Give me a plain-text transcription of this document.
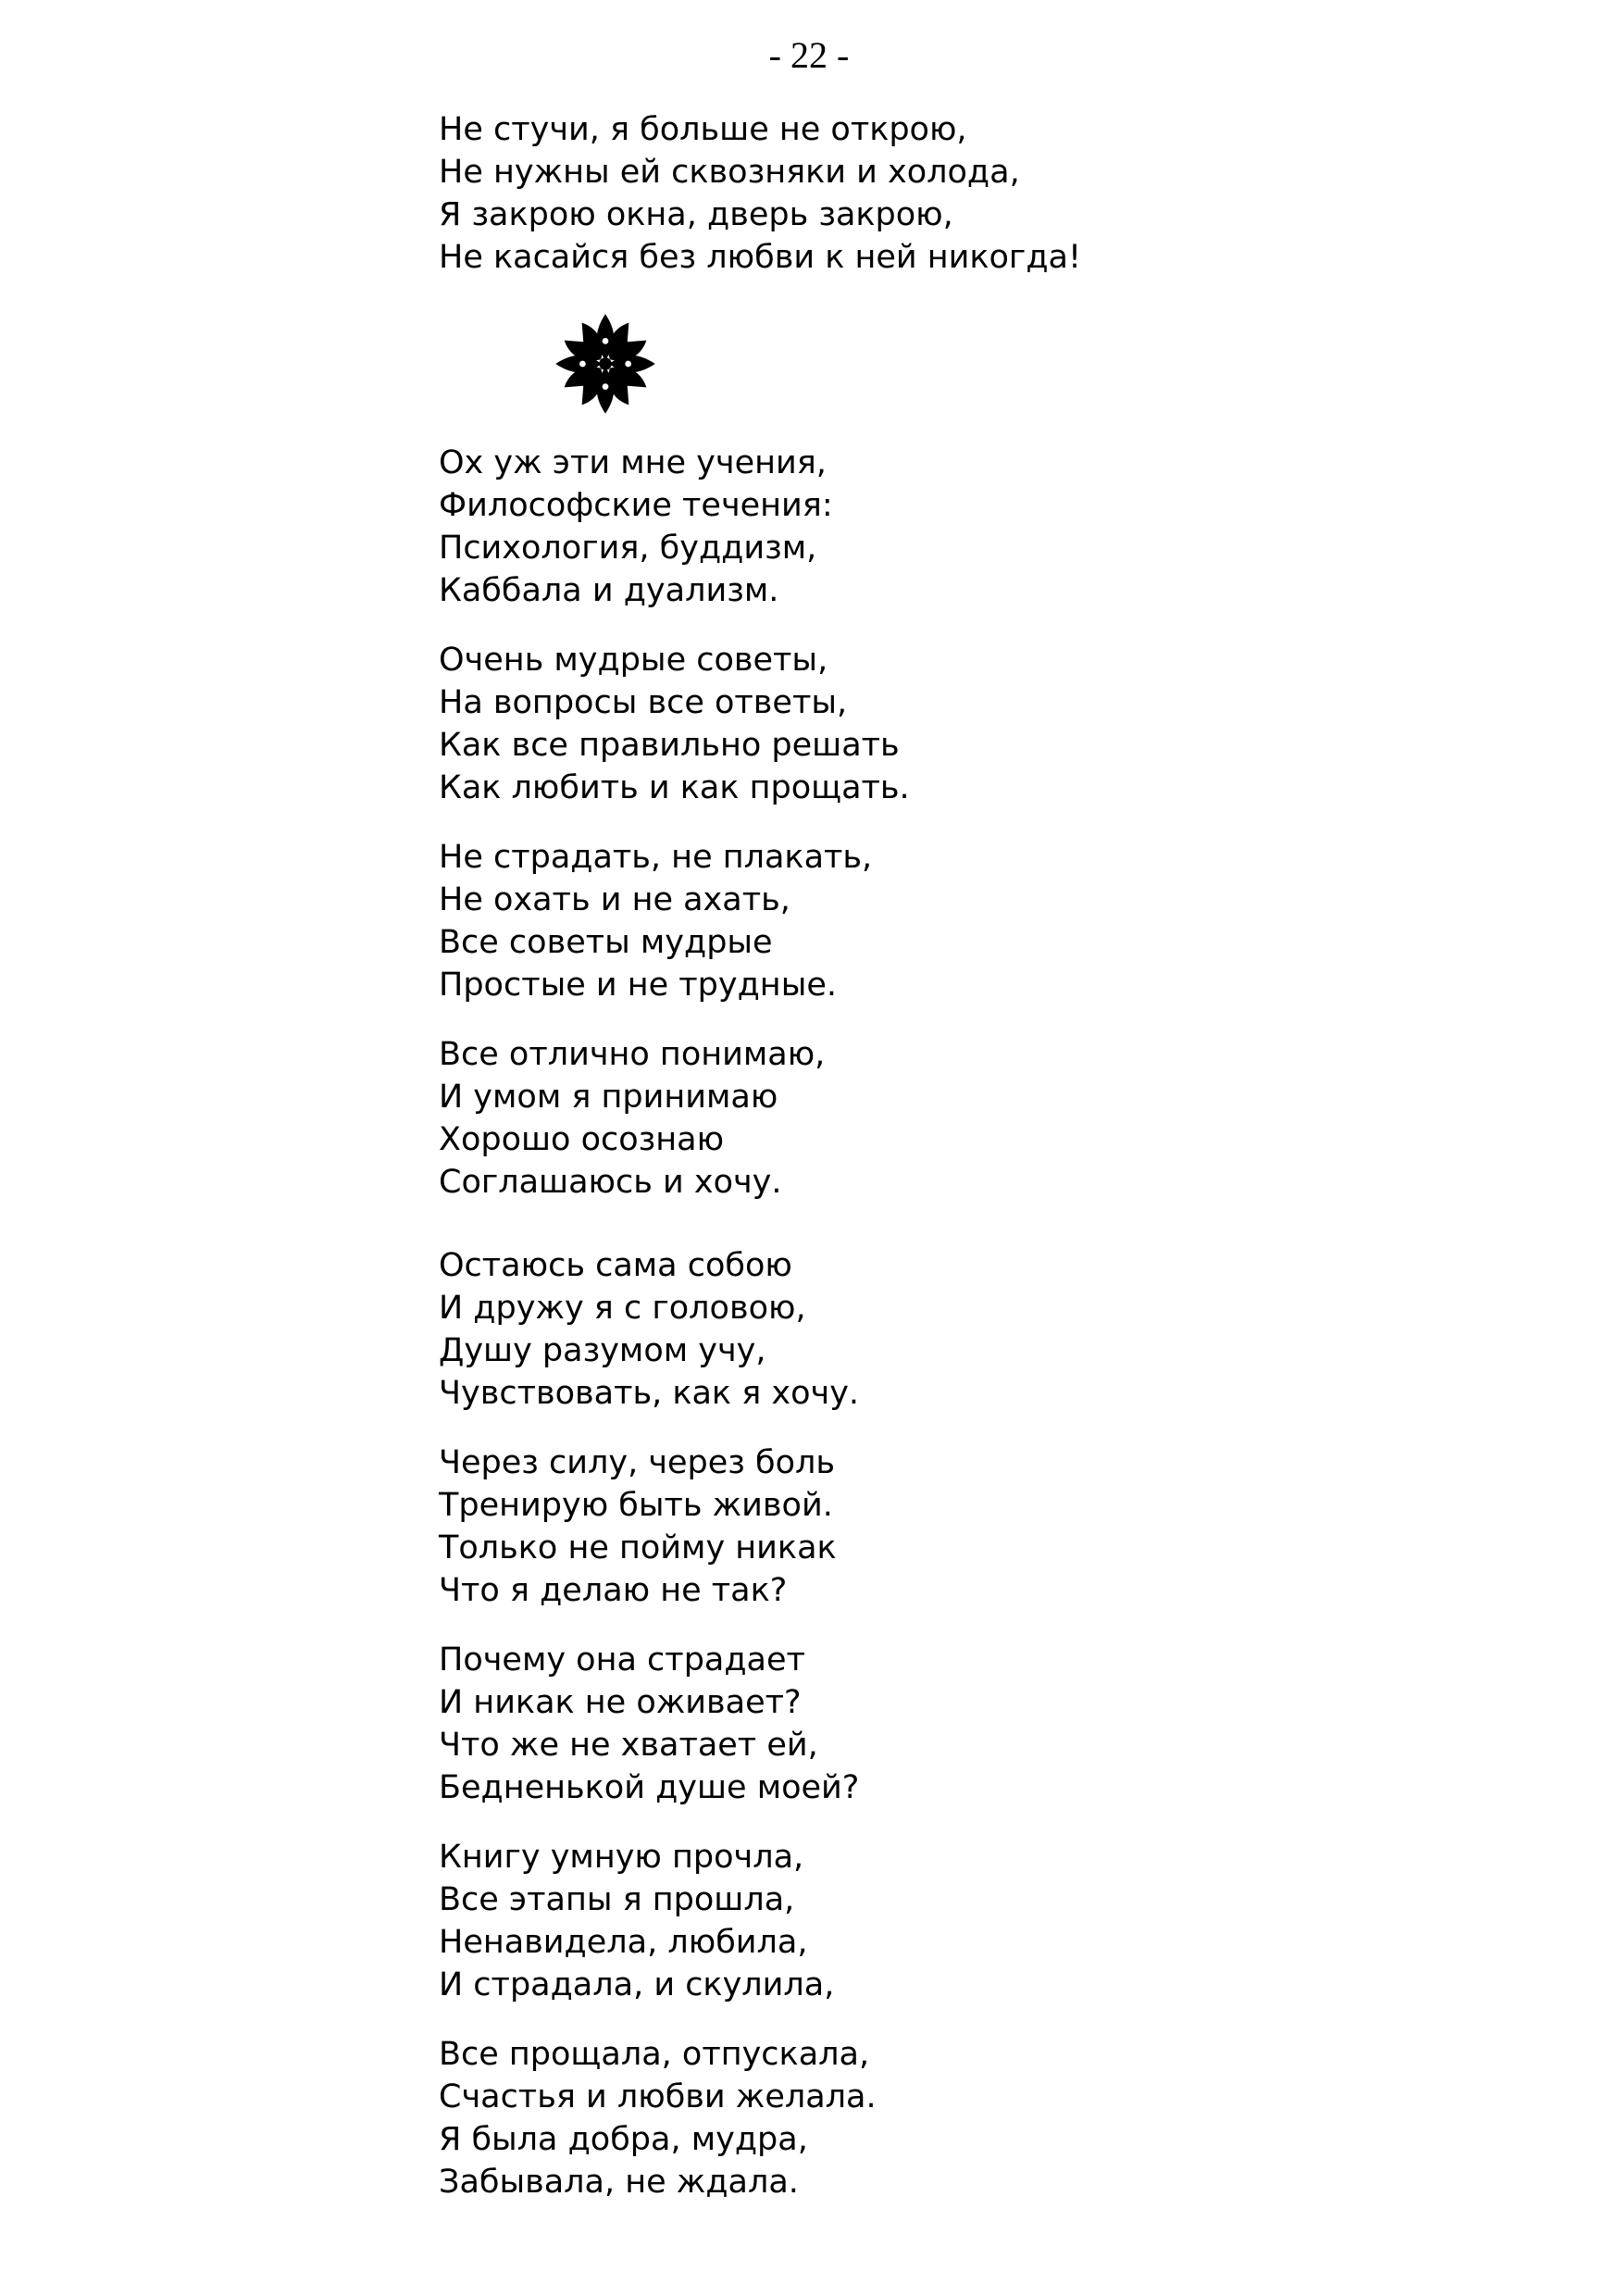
- 22 -
Не стучи, я больше не открою,
Не нужны ей сквозняки и холода,
Я закрою окна, дверь закрою,
Не касайся без любви к ней никогда!
Ох уж эти мне учения,
Философские течения:
Психология, буддизм,
Каббала и дуализм.
Очень мудрые советы,
На вопросы все ответы,
Как все правильно решать
Как любить и как прощать.
Не страдать, не плакать,
Не охать и не ахать,
Все советы мудрые
Простые и не трудные.
Все отлично понимаю,
И умом я принимаю
Хорошо осознаю
Соглашаюсь и хочу.
Остаюсь сама собою
И дружу я с головою,
Душу разумом учу,
Чувствовать, как я хочу.
Через силу, через боль
Тренирую быть живой.
Только не пойму никак
Что я делаю не так?
Почему она страдает
И никак не оживает?
Что же не хватает ей,
Бедненькой душе моей?
Книгу умную прочла,
Все этапы я прошла,
Ненавидела, любила,
И страдала, и скулила,
Все прощала, отпускала,
Счастья и любви желала.
Я была добра, мудра,
Забывала, не ждала.
